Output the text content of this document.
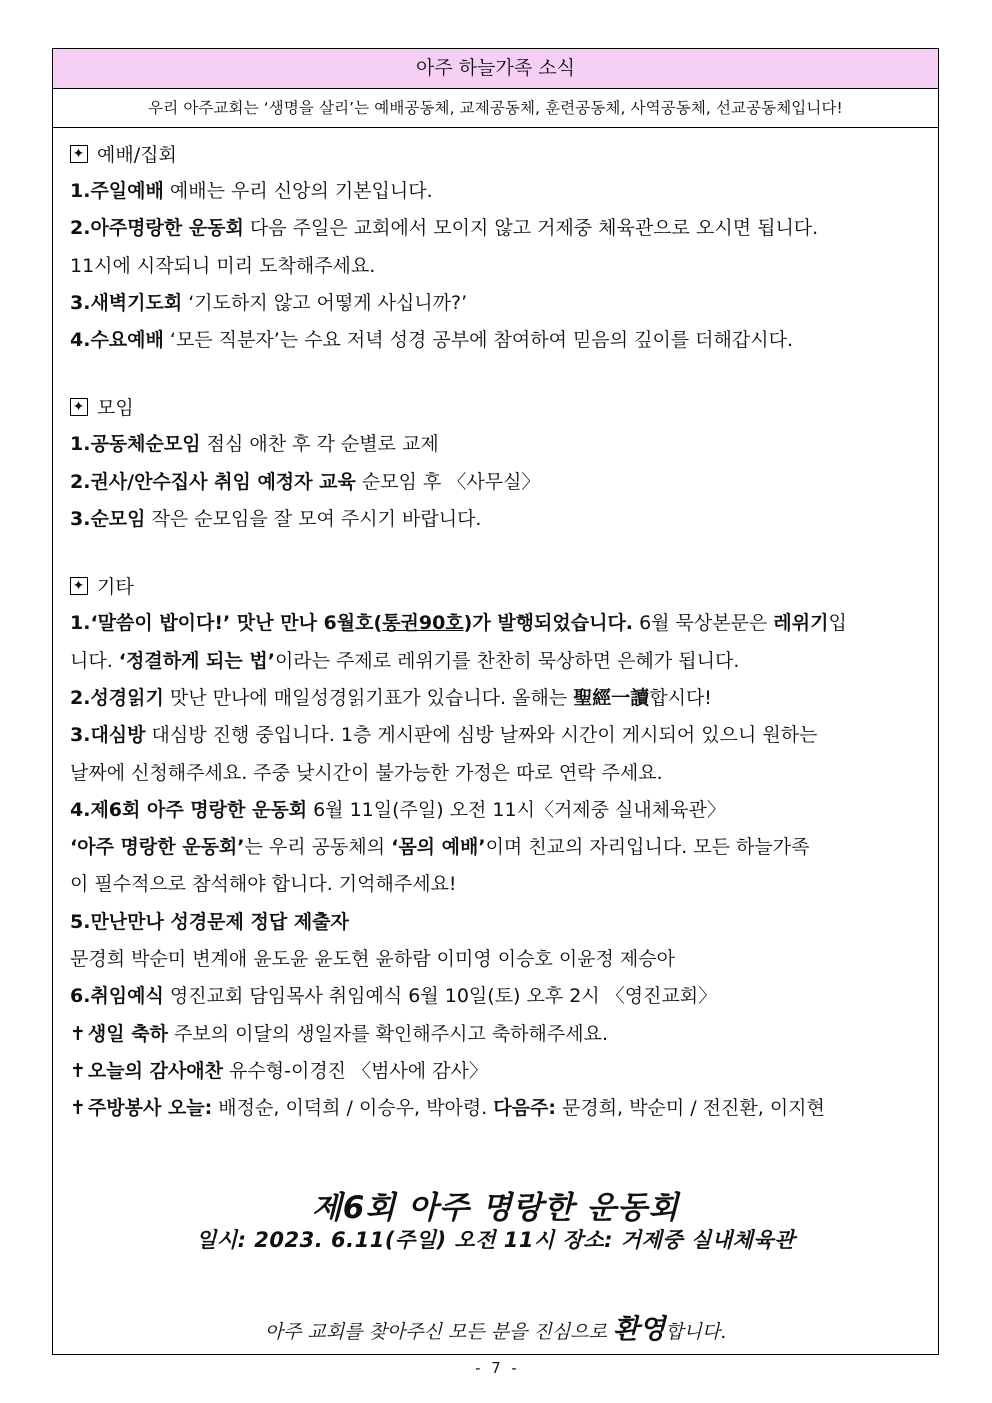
아주 하늘가족 소식
우리 아주교회는 ‘생명을 살리’는 예배공동체, 교제공동체, 훈련공동체, 사역공동체, 선교공동체입니다!
✦예배/집회
1.주일예배 예배는 우리 신앙의 기본입니다.
2.아주명랑한 운동회 다음 주일은 교회에서 모이지 않고 거제중 체육관으로 오시면 됩니다.
11시에 시작되니 미리 도착해주세요.
3.새벽기도회 ‘기도하지 않고 어떻게 사십니까?’
4.수요예배 ‘모든 직분자’는 수요 저녁 성경 공부에 참여하여 믿음의 깊이를 더해갑시다.
✦모임
1.공동체순모임 점심 애찬 후 각 순별로 교제
2.권사/안수집사 취임 예정자 교육 순모임 후 〈사무실〉
3.순모임 작은 순모임을 잘 모여 주시기 바랍니다.
✦기타
1.‘말씀이 밥이다!’ 맛난 만나 6월호(통권90호)가 발행되었습니다. 6월 묵상본문은 레위기입
니다. ‘정결하게 되는 법’이라는 주제로 레위기를 찬찬히 묵상하면 은혜가 됩니다.
2.성경읽기 맛난 만나에 매일성경읽기표가 있습니다. 올해는 聖經一讀합시다!
3.대심방 대심방 진행 중입니다. 1층 게시판에 심방 날짜와 시간이 게시되어 있으니 원하는
날짜에 신청해주세요. 주중 낮시간이 불가능한 가정은 따로 연락 주세요.
4.제6회 아주 명랑한 운동회 6월 11일(주일) 오전 11시〈거제중 실내체육관〉
‘아주 명랑한 운동회’는 우리 공동체의 ‘몸의 예배’이며 친교의 자리입니다. 모든 하늘가족
이 필수적으로 참석해야 합니다. 기억해주세요!
5.만난만나 성경문제 정답 제출자
문경희 박순미 변계애 윤도윤 윤도현 윤하람 이미영 이승호 이윤정 제승아
6.취임예식 영진교회 담임목사 취임예식 6월 10일(토) 오후 2시 〈영진교회〉
✝ 생일 축하 주보의 이달의 생일자를 확인해주시고 축하해주세요.
✝ 오늘의 감사애찬 유수형-이경진 〈범사에 감사〉
✝ 주방봉사 오늘: 배정순, 이덕희 / 이승우, 박아령. 다음주: 문경희, 박순미 / 전진환, 이지현
제6회 아주 명랑한 운동회
일시: 2023. 6.11(주일) 오전 11시 장소: 거제중 실내체육관
아주 교회를 찾아주신 모든 분을 진심으로 환영합니다.
- 7 -
